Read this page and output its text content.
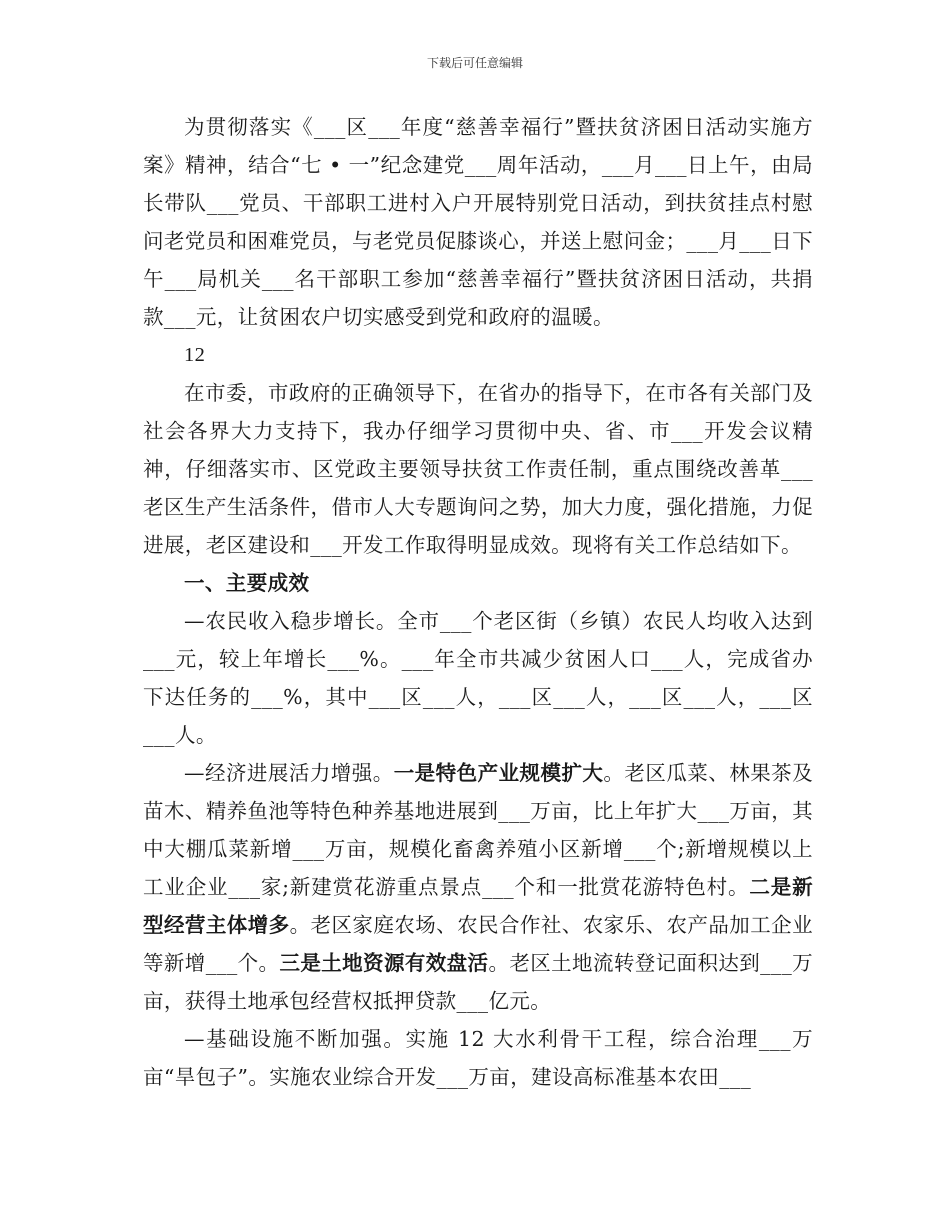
下载后可任意编辑

为贯彻落实《___区___年度“慈善幸福行”暨扶贫济困日活动实施方案》精神，结合“七 • 一”纪念建党___周年活动，___月___日上午，由局长带队___党员、干部职工进村入户开展特别党日活动，到扶贫挂点村慰问老党员和困难党员，与老党员促膝谈心，并送上慰问金；___月___日下午___局机关___名干部职工参加“慈善幸福行”暨扶贫济困日活动，共捐款___元，让贫困农户切实感受到党和政府的温暖。

12

在市委，市政府的正确领导下，在省办的指导下，在市各有关部门及社会各界大力支持下，我办仔细学习贯彻中央、省、市___开发会议精神，仔细落实市、区党政主要领导扶贫工作责任制，重点围绕改善革___老区生产生活条件，借市人大专题询问之势，加大力度，强化措施，力促进展，老区建设和___开发工作取得明显成效。现将有关工作总结如下。

一、主要成效

—农民收入稳步增长。全市___个老区街（乡镇）农民人均收入达到___元，较上年增长___%。___年全市共减少贫困人口___人，完成省办下达任务的___%，其中___区___人，___区___人，___区___人，___区___人。

—经济进展活力增强。一是特色产业规模扩大。老区瓜菜、林果茶及苗木、精养鱼池等特色种养基地进展到___万亩，比上年扩大___万亩，其中大棚瓜菜新增___万亩，规模化畜禽养殖小区新增___个;新增规模以上工业企业___家;新建赏花游重点景点___个和一批赏花游特色村。二是新型经营主体增多。老区家庭农场、农民合作社、农家乐、农产品加工企业等新增___个。三是土地资源有效盘活。老区土地流转登记面积达到___万亩，获得土地承包经营权抵押贷款___亿元。

—基础设施不断加强。实施 12 大水利骨干工程，综合治理___万亩“旱包子”。实施农业综合开发___万亩，建设高标准基本农田___
